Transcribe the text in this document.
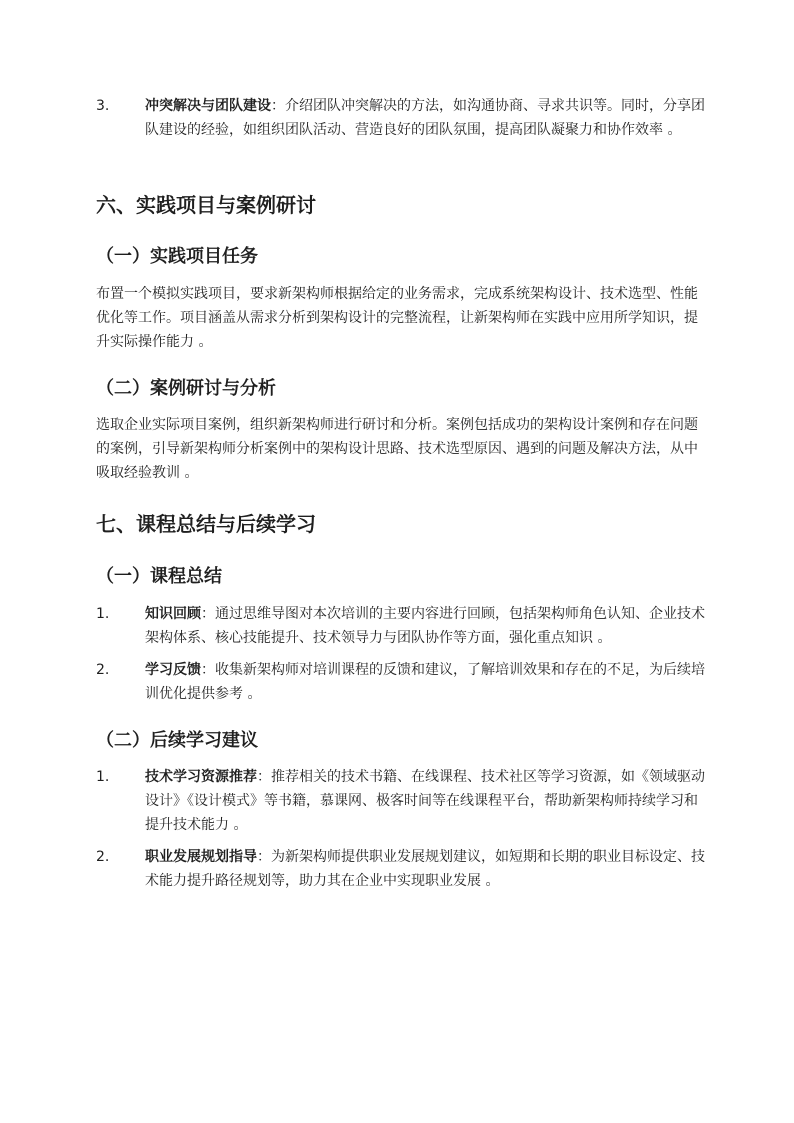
3.	冲突解决与团队建设：介绍团队冲突解决的方法，如沟通协商、寻求共识等。同时，分享团队建设的经验，如组织团队活动、营造良好的团队氛围，提高团队凝聚力和协作效率 。
六、实践项目与案例研讨
（一）实践项目任务
布置一个模拟实践项目，要求新架构师根据给定的业务需求，完成系统架构设计、技术选型、性能优化等工作。项目涵盖从需求分析到架构设计的完整流程，让新架构师在实践中应用所学知识，提升实际操作能力 。
（二）案例研讨与分析
选取企业实际项目案例，组织新架构师进行研讨和分析。案例包括成功的架构设计案例和存在问题的案例，引导新架构师分析案例中的架构设计思路、技术选型原因、遇到的问题及解决方法，从中吸取经验教训 。
七、课程总结与后续学习
（一）课程总结
1.	知识回顾：通过思维导图对本次培训的主要内容进行回顾，包括架构师角色认知、企业技术架构体系、核心技能提升、技术领导力与团队协作等方面，强化重点知识 。
2.	学习反馈：收集新架构师对培训课程的反馈和建议，了解培训效果和存在的不足，为后续培训优化提供参考 。
（二）后续学习建议
1.	技术学习资源推荐：推荐相关的技术书籍、在线课程、技术社区等学习资源，如《领域驱动设计》《设计模式》等书籍，慕课网、极客时间等在线课程平台，帮助新架构师持续学习和提升技术能力 。
2.	职业发展规划指导：为新架构师提供职业发展规划建议，如短期和长期的职业目标设定、技术能力提升路径规划等，助力其在企业中实现职业发展 。
